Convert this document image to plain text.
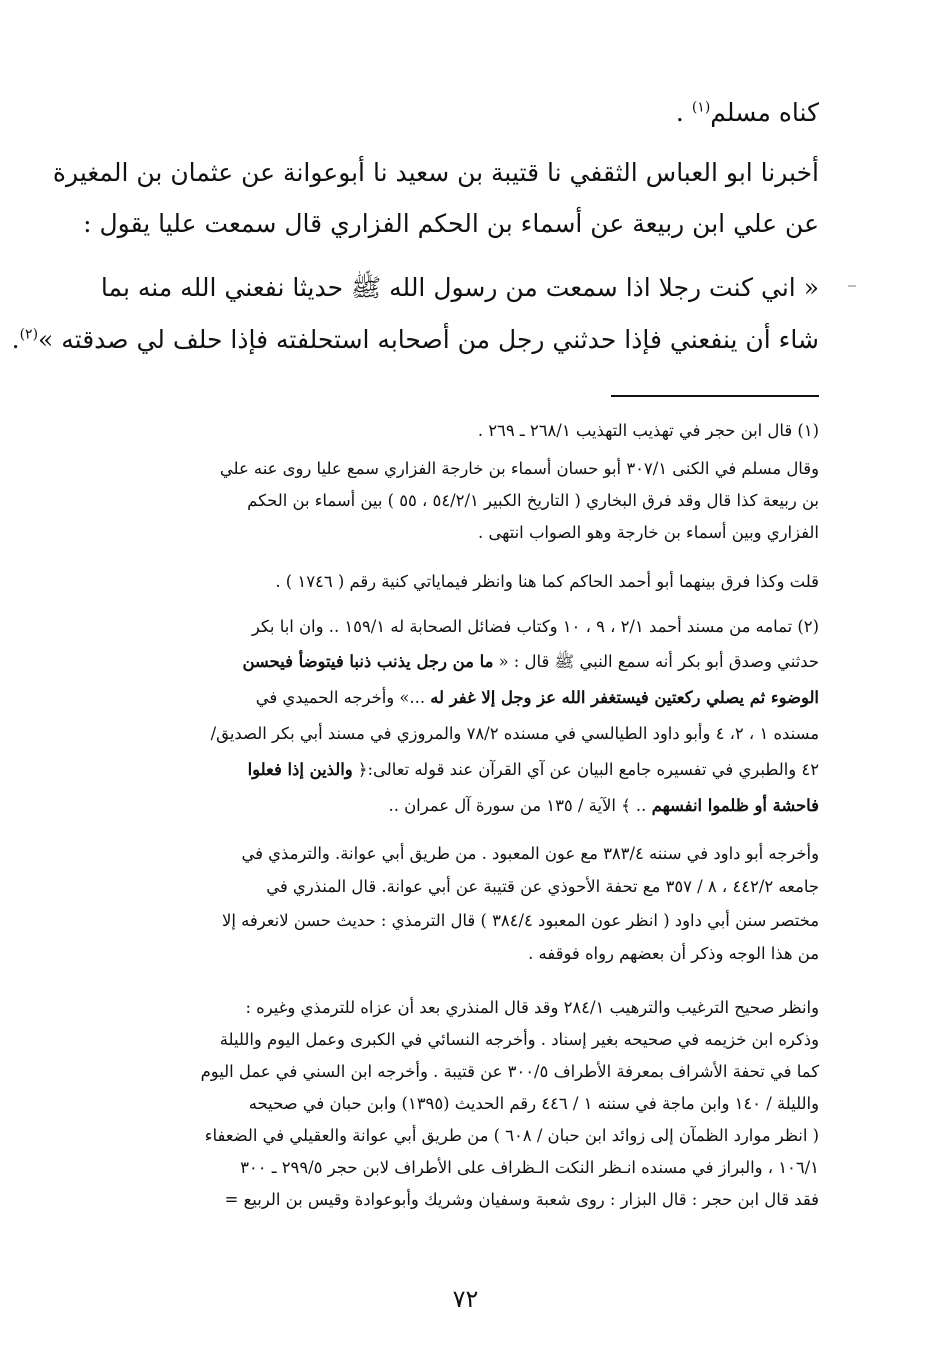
كناه مسلم$^{(١)}$ .
أخبرنا ابو العباس الثقفي نا قتيبة بن سعيد نا أبوعوانة عن عثمان بن المغيرة
عن علي ابن ربيعة عن أسماء بن الحكم الفزاري قال سمعت عليا يقول :
« اني كنت رجلا اذا سمعت من رسول الله ﷺ حديثا نفعني الله منه بما
شاء أن ينفعني فإذا حدثني رجل من أصحابه استحلفته فإذا حلف لي صدقته »$^{(٢)}$.
(١) قال ابن حجر في تهذيب التهذيب ٢٦٨/١ ـ ٢٦٩ .
وقال مسلم في الكنى ٣٠٧/١ أبو حسان أسماء بن خارجة الفزاري سمع عليا روى عنه علي
بن ربيعة كذا قال وقد فرق البخاري ( التاريخ الكبير ٥٤/٢/١ ، ٥٥ ) بين أسماء بن الحكم
الفزاري وبين أسماء بن خارجة وهو الصواب انتهى .
قلت وكذا فرق بينهما أبو أحمد الحاكم كما هنا وانظر فيماياتي كنية رقم ( ١٧٤٦ ) .
(٢) تمامه من مسند أحمد ٢/١ ، ٩ ، ١٠ وكتاب فضائل الصحابة له ١٥٩/١ .. وان ابا بكر
حدثني وصدق أبو بكر أنه سمع النبي ﷺ قال : « ما من رجل يذنب ذنبا فيتوضأ فيحسن
الوضوء ثم يصلي ركعتين فيستغفر الله عز وجل إلا غفر له ...» وأخرجه الحميدي في
مسنده ١ ، ٢، ٤ وأبو داود الطيالسي في مسنده ٧٨/٢ والمروزي في مسند أبي بكر الصديق/
٤٢ والطبري في تفسيره جامع البيان عن آي القرآن عند قوله تعالى:﴿ والذين إذا فعلوا
فاحشة أو ظلموا انفسهم .. ﴾ الآية / ١٣٥ من سورة آل عمران ..
وأخرجه أبو داود في سننه ٣٨٣/٤ مع عون المعبود . من طريق أبي عوانة. والترمذي في
جامعه ٤٤٢/٢ ، ٨ / ٣٥٧ مع تحفة الأحوذي عن قتيبة عن أبي عوانة. قال المنذري في
مختصر سنن أبي داود ( انظر عون المعبود ٣٨٤/٤ ) قال الترمذي : حديث حسن لانعرفه إلا
من هذا الوجه وذكر أن بعضهم رواه فوقفه .
وانظر صحيح الترغيب والترهيب ٢٨٤/١ وقد قال المنذري بعد أن عزاه للترمذي وغيره :
وذكره ابن خزيمه في صحيحه بغير إسناد . وأخرجه النسائي في الكبرى وعمل اليوم والليلة
كما في تحفة الأشراف بمعرفة الأطراف ٣٠٠/٥ عن قتيبة . وأخرجه ابن السني في عمل اليوم
والليلة / ١٤٠ وابن ماجة في سننه ١ / ٤٤٦ رقم الحديث (١٣٩٥) وابن حبان في صحيحه
( انظر موارد الظمآن إلى زوائد ابن حبان / ٦٠٨ ) من طريق أبي عوانة والعقيلي في الضعفاء
١٠٦/١ ، والبراز في مسنده انـظر النكت الـظراف على الأطراف لابن حجر ٢٩٩/٥ ـ ٣٠٠
فقد قال ابن حجر : قال البزار : روى شعبة وسفيان وشريك وأبوعوادة وقيس بن الربيع =
٧٢
